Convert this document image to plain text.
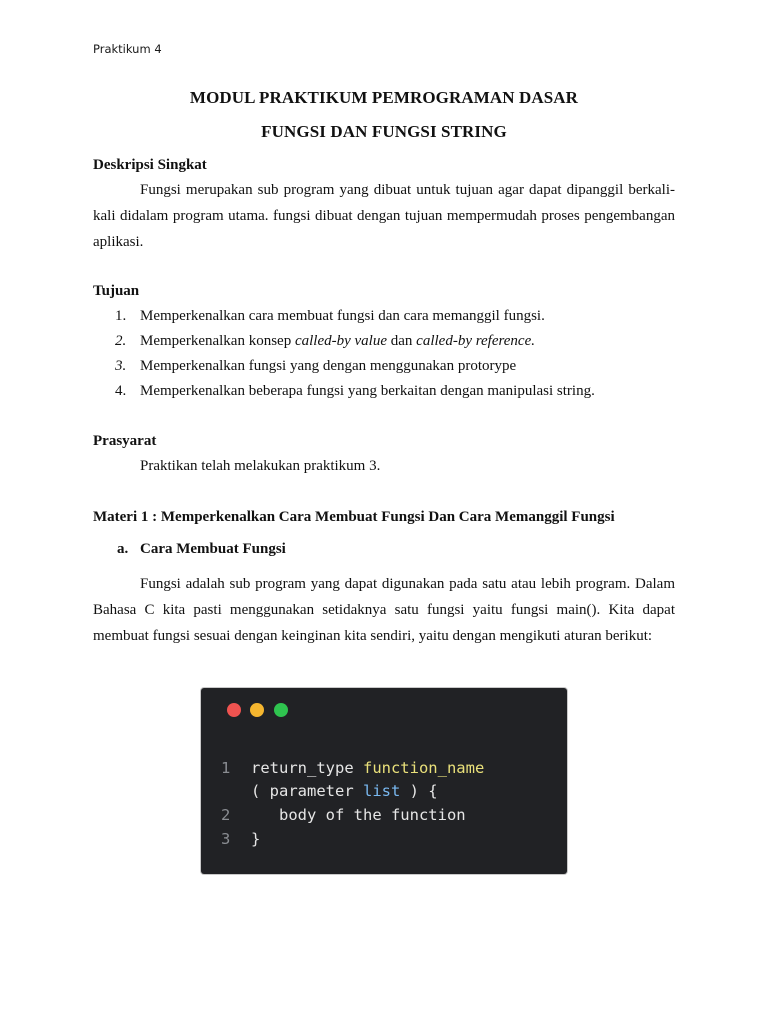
Praktikum 4
MODUL PRAKTIKUM PEMROGRAMAN DASAR
FUNGSI DAN FUNGSI STRING
Deskripsi Singkat

Fungsi merupakan sub program yang dibuat untuk tujuan agar dapat dipanggil berkali-kali didalam program utama. fungsi dibuat dengan tujuan mempermudah proses pengembangan aplikasi.

Tujuan
1. Memperkenalkan cara membuat fungsi dan cara memanggil fungsi.
2. Memperkenalkan konsep called-by value dan called-by reference.
3. Memperkenalkan fungsi yang dengan menggunakan protorype
4. Memperkenalkan beberapa fungsi yang berkaitan dengan manipulasi string.
Prasyarat
Praktikan telah melakukan praktikum 3.
Materi 1 : Memperkenalkan Cara Membuat Fungsi Dan Cara Memanggil Fungsi
a. Cara Membuat Fungsi

Fungsi adalah sub program yang dapat digunakan pada satu atau lebih program. Dalam Bahasa C kita pasti menggunakan setidaknya satu fungsi yaitu fungsi main(). Kita dapat membuat fungsi sesuai dengan keinginan kita sendiri, yaitu dengan mengikuti aturan berikut:

1 return_type function_name
( parameter list ) {
2   body of the function
3 }
